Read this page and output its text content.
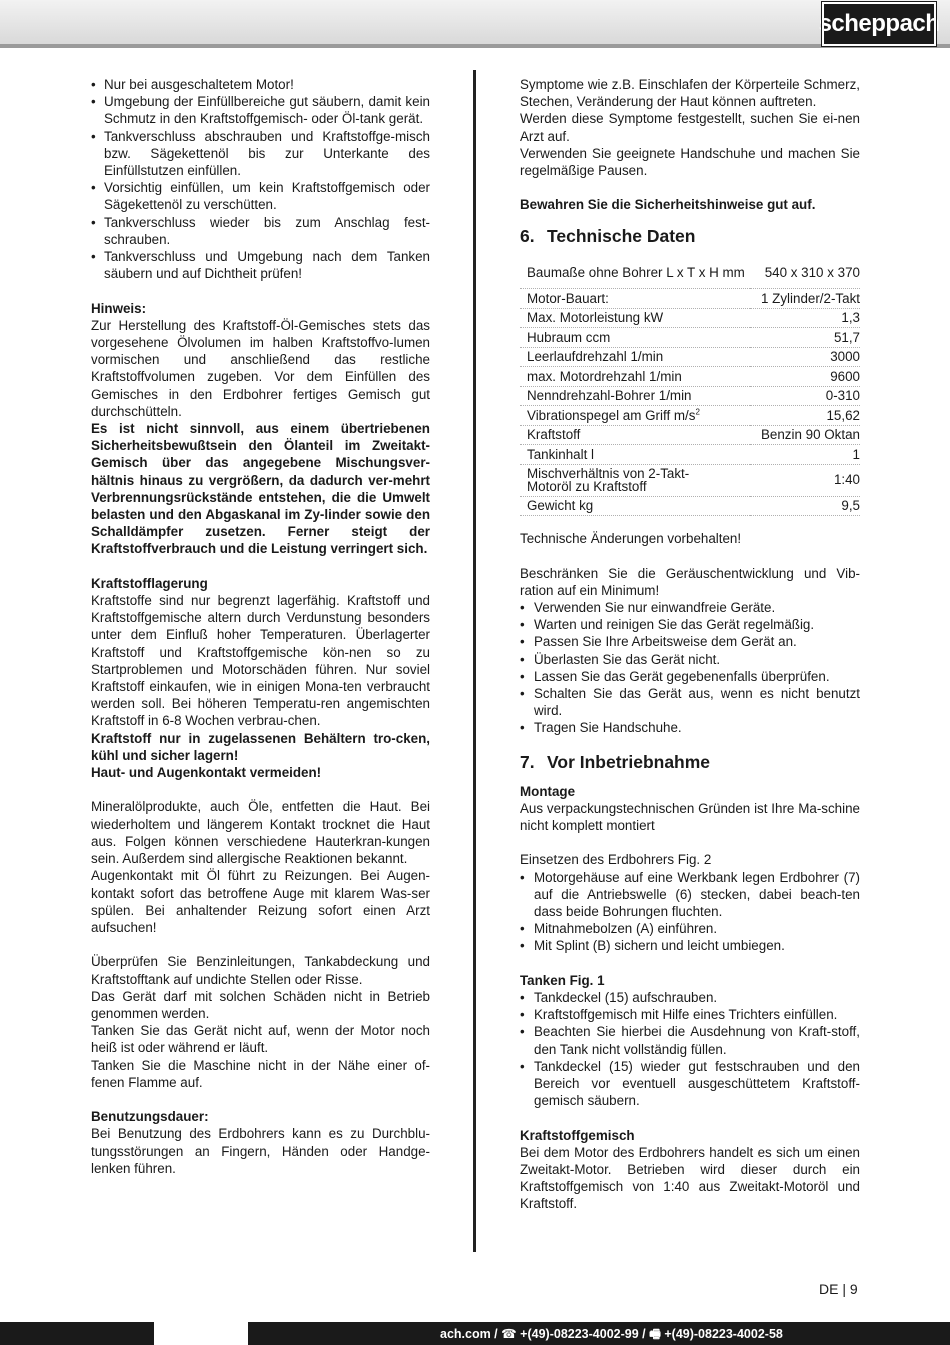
scheppach
• Nur bei ausgeschaltetem Motor!
• Umgebung der Einfüllbereiche gut säubern, damit kein Schmutz in den Kraftstoffgemisch- oder Öl-tank gerät.
• Tankverschluss abschrauben und Kraftstoffge-misch bzw. Sägekettenöl bis zur Unterkante des Einfüllstutzen einfüllen.
• Vorsichtig einfüllen, um kein Kraftstoffgemisch oder Sägekettenöl zu verschütten.
• Tankverschluss wieder bis zum Anschlag fest-schrauben.
• Tankverschluss und Umgebung nach dem Tanken säubern und auf Dichtheit prüfen!

Hinweis:

Zur Herstellung des Kraftstoff-Öl-Gemisches stets das vorgesehene Ölvolumen im halben Kraftstoffvo-lumen vormischen und anschließend das restliche Kraftstoffvolumen zugeben. Vor dem Einfüllen des Gemisches in den Erdbohrer fertiges Gemisch gut durchschütteln.

Es ist nicht sinnvoll, aus einem übertriebenen Sicherheitsbewußtsein den Ölanteil im Zweitakt-Gemisch über das angegebene Mischungsver-hältnis hinaus zu vergrößern, da dadurch ver-mehrt Verbrennungsrückstände entstehen, die die Umwelt belasten und den Abgaskanal im Zy-linder sowie den Schalldämpfer zusetzen. Ferner steigt der Kraftstoffverbrauch und die Leistung verringert sich.

Kraftstofflagerung

Kraftstoffe sind nur begrenzt lagerfähig. Kraftstoff und Kraftstoffgemische altern durch Verdunstung besonders unter dem Einfluß hoher Temperaturen. Überlagerter Kraftstoff und Kraftstoffgemische kön-nen so zu Startproblemen und Motorschäden führen. Nur soviel Kraftstoff einkaufen, wie in einigen Mona-ten verbraucht werden soll. Bei höheren Temperatu-ren angemischten Kraftstoff in 6-8 Wochen verbrau-chen.

Kraftstoff nur in zugelassenen Behältern tro-cken, kühl und sicher lagern!

Haut- und Augenkontakt vermeiden!

Mineralölprodukte, auch Öle, entfetten die Haut. Bei wiederholtem und längerem Kontakt trocknet die Haut aus. Folgen können verschiedene Hauterkran-kungen sein. Außerdem sind allergische Reaktionen bekannt.

Augenkontakt mit Öl führt zu Reizungen. Bei Augen-kontakt sofort das betroffene Auge mit klarem Was-ser spülen. Bei anhaltender Reizung sofort einen Arzt aufsuchen!

Überprüfen Sie Benzinleitungen, Tankabdeckung und Kraftstofftank auf undichte Stellen oder Risse.

Das Gerät darf mit solchen Schäden nicht in Betrieb genommen werden.

Tanken Sie das Gerät nicht auf, wenn der Motor noch heiß ist oder während er läuft.

Tanken Sie die Maschine nicht in der Nähe einer of-fenen Flamme auf.

Benutzungsdauer:

Bei Benutzung des Erdbohrers kann es zu Durchblu-tungsstörungen an Fingern, Händen oder Handge-lenken führen.

Symptome wie z.B. Einschlafen der Körperteile Schmerz, Stechen, Veränderung der Haut können auftreten.

Werden diese Symptome festgestellt, suchen Sie ei-nen Arzt auf.

Verwenden Sie geeignete Handschuhe und machen Sie regelmäßige Pausen.

Bewahren Sie die Sicherheitshinweise gut auf.

6. Technische Daten
Baumaße ohne Bohrer L x T x H mm	540 x 310 x 370
Motor-Bauart:	1 Zylinder/2-Takt
Max. Motorleistung kW	1,3
Hubraum ccm	51,7
Leerlaufdrehzahl 1/min	3000
max. Motordrehzahl 1/min	9600
Nenndrehzahl-Bohrer 1/min	0-310
Vibrationspegel am Griff $m/s^2$	15,62
Kraftstoff	Benzin 90 Oktan
Tankinhalt l	1
Mischverhältnis von 2-Takt-Motoröl zu Kraftstoff	1:40
Gewicht kg	9,5

Technische Änderungen vorbehalten!

Beschränken Sie die Geräuschentwicklung und Vib-ration auf ein Minimum!

• Verwenden Sie nur einwandfreie Geräte.
• Warten und reinigen Sie das Gerät regelmäßig.
• Passen Sie Ihre Arbeitsweise dem Gerät an.
• Überlasten Sie das Gerät nicht.
• Lassen Sie das Gerät gegebenenfalls überprüfen.
• Schalten Sie das Gerät aus, wenn es nicht benutzt wird.
• Tragen Sie Handschuhe.
7. Vor Inbetriebnahme

Montage

Aus verpackungstechnischen Gründen ist Ihre Ma-schine nicht komplett montiert

Einsetzen des Erdbohrers Fig. 2

• Motorgehäuse auf eine Werkbank legen Erdbohrer (7) auf die Antriebswelle (6) stecken, dabei beach-ten dass beide Bohrungen fluchten.
• Mitnahmebolzen (A) einführen.
• Mit Splint (B) sichern und leicht umbiegen.

Tanken Fig. 1

• Tankdeckel (15) aufschrauben.
• Kraftstoffgemisch mit Hilfe eines Trichters einfüllen.
• Beachten Sie hierbei die Ausdehnung von Kraft-stoff, den Tank nicht vollständig füllen.
• Tankdeckel (15) wieder gut festschrauben und den Bereich vor eventuell ausgeschüttetem Kraftstoff-gemisch säubern.

Kraftstoffgemisch

Bei dem Motor des Erdbohrers handelt es sich um einen Zweitakt-Motor. Betrieben wird dieser durch ein Kraftstoffgemisch von 1:40 aus Zweitakt-Motoröl und Kraftstoff.

DE | 9
ach.com / ☎ +(49)-08223-4002-99 / 🖷 +(49)-08223-4002-58
